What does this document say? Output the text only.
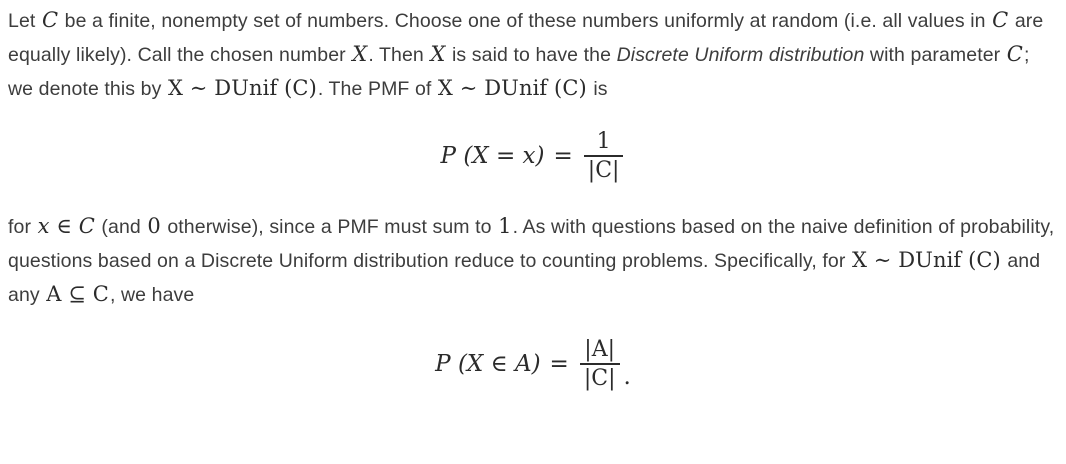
Let C be a finite, nonempty set of numbers. Choose one of these numbers uniformly at random (i.e. all values in C are equally likely). Call the chosen number X. Then X is said to have the Discrete Uniform distribution with parameter C; we denote this by X ∼ DUnif (C). The PMF of X ∼ DUnif (C) is

P $(X = x) = \frac{1}{|C|}$

for x ∈ C (and 0 otherwise), since a PMF must sum to 1. As with questions based on the naive definition of probability, questions based on a Discrete Uniform distribution reduce to counting problems. Specifically, for X ∼ DUnif (C) and any A ⊆ C, we have

P (X ∈ $A) = \frac{|A|}{|C|}$ .
